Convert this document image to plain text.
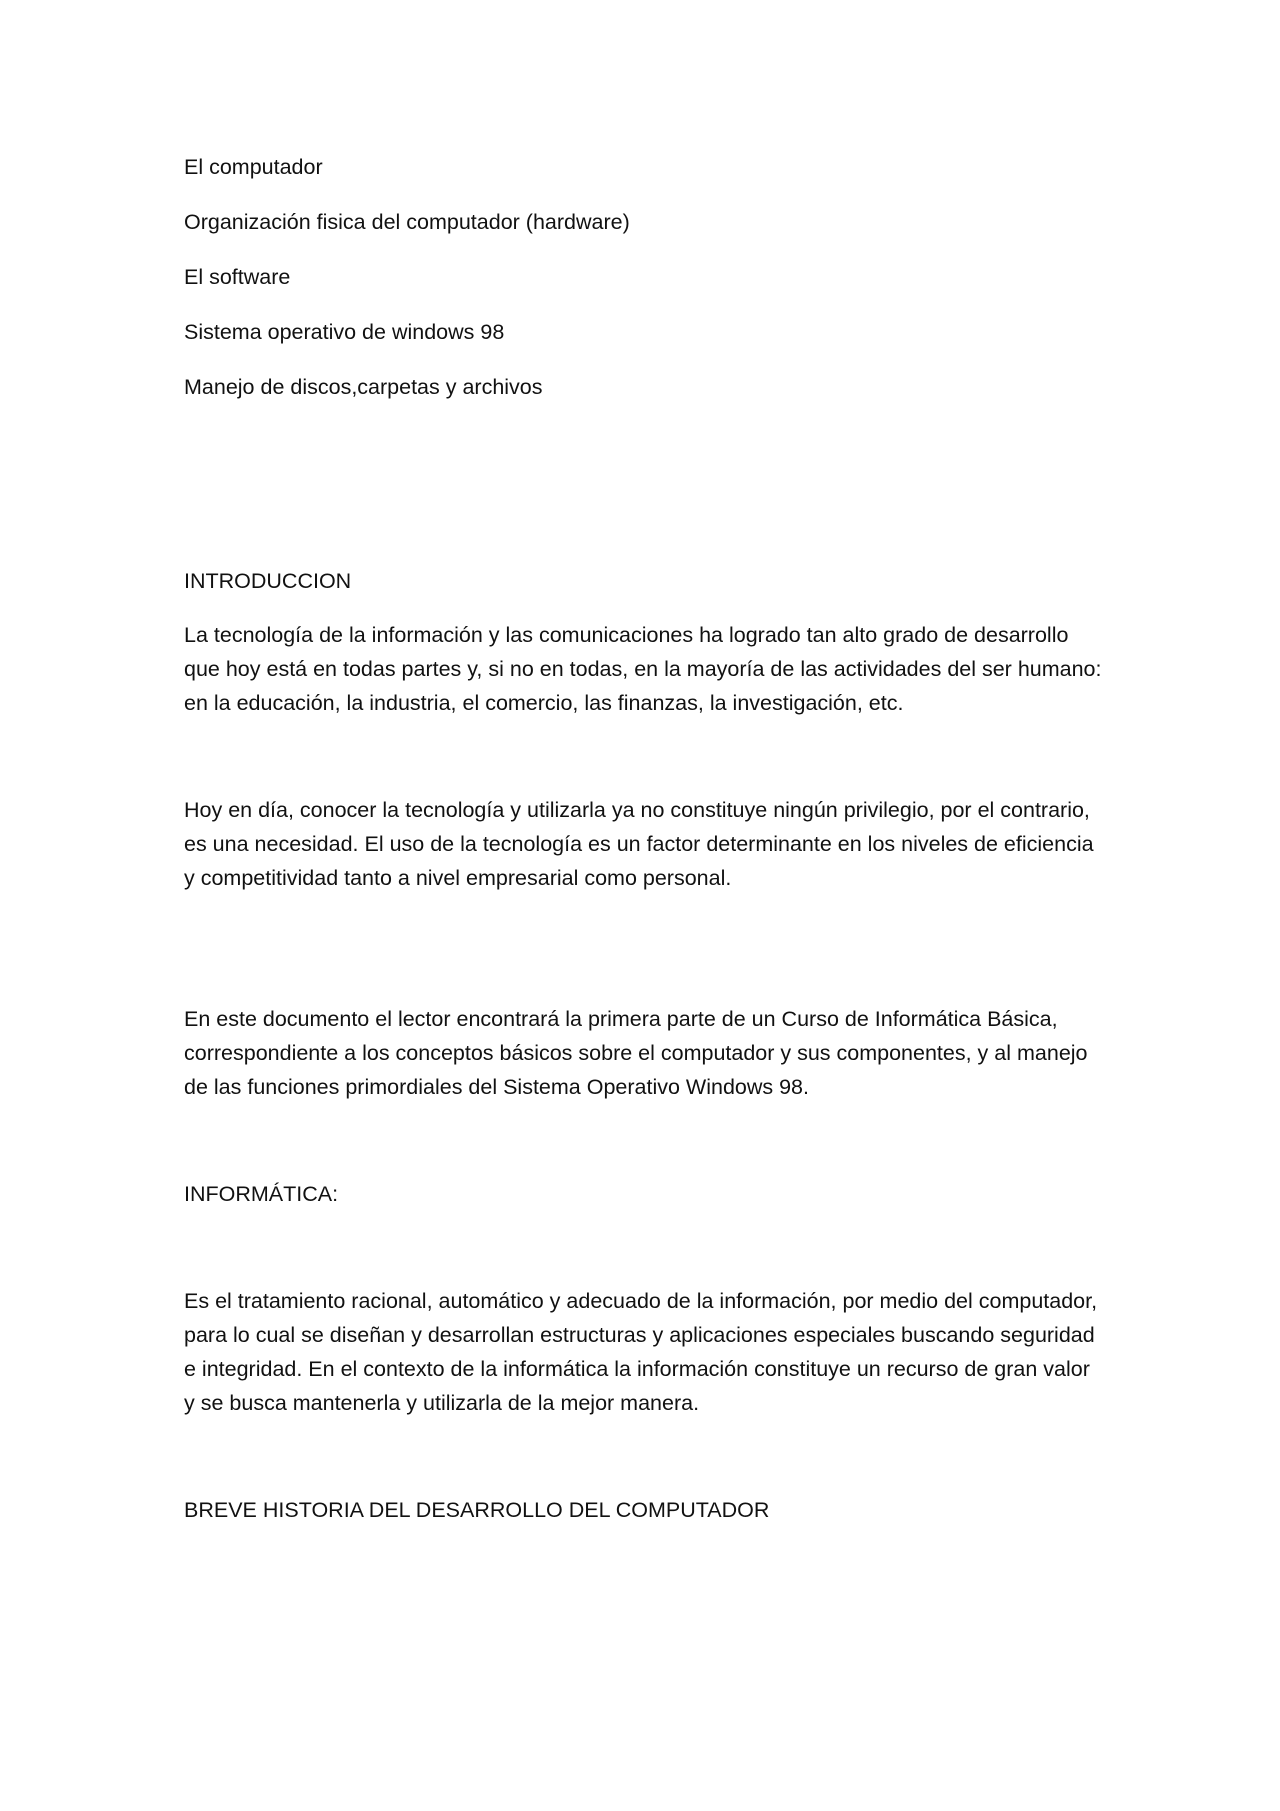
El computador

Organización fisica del computador (hardware)

El software

Sistema operativo de windows 98

Manejo de discos,carpetas y archivos

INTRODUCCION

La tecnología de la información y las comunicaciones ha logrado tan alto grado de desarrollo que hoy está en todas partes y, si no en todas, en la mayoría de las actividades del ser humano: en la educación, la industria, el comercio, las finanzas, la investigación, etc.

Hoy en día, conocer la tecnología y utilizarla ya no constituye ningún privilegio, por el contrario, es una necesidad. El uso de la tecnología es un factor determinante en los niveles de eficiencia y competitividad tanto a nivel empresarial como personal.

En este documento el lector encontrará la primera parte de un Curso de Informática Básica, correspondiente a los conceptos básicos sobre el computador y sus componentes, y al manejo de las funciones primordiales del Sistema Operativo Windows 98.

INFORMÁTICA:

Es el tratamiento racional, automático y adecuado de la información, por medio del computador, para lo cual se diseñan y desarrollan estructuras y aplicaciones especiales buscando seguridad e integridad. En el contexto de la informática la información constituye un recurso de gran valor y se busca mantenerla y utilizarla de la mejor manera.

BREVE HISTORIA DEL DESARROLLO DEL COMPUTADOR
